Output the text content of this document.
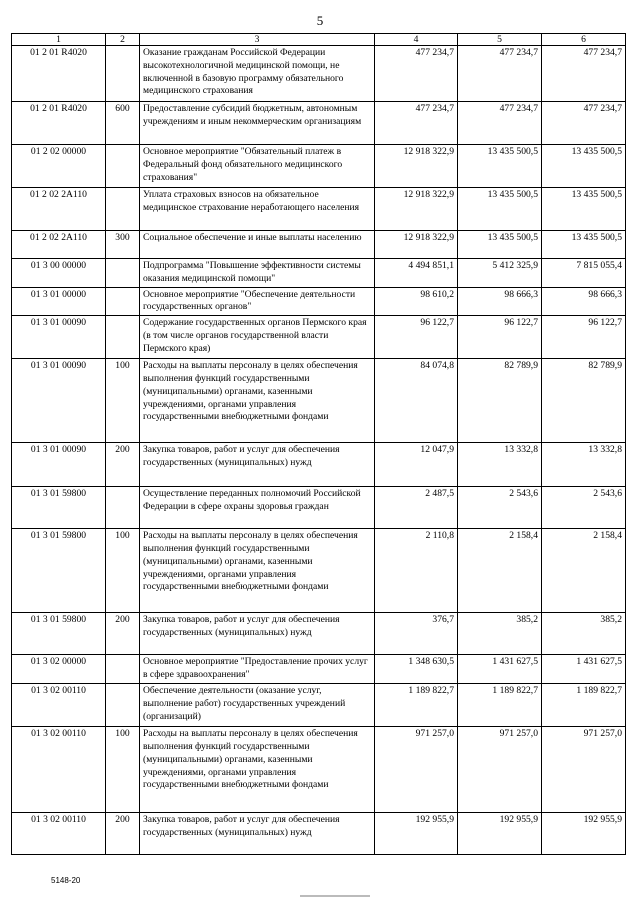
5
1	2	3	4	5	6
01 2 01 R4020		Оказание гражданам Российской Федерации высокотехнологичной медицинской помощи, не включенной в базовую программу обязательного медицинского страхования	477 234,7	477 234,7	477 234,7
01 2 01 R4020	600	Предоставление субсидий бюджетным, автономным учреждениям и иным некоммерческим организациям	477 234,7	477 234,7	477 234,7
01 2 02 00000		Основное мероприятие "Обязательный платеж в Федеральный фонд обязательного медицинского страхования"	12 918 322,9	13 435 500,5	13 435 500,5
01 2 02 2А110		Уплата страховых взносов на обязательное медицинское страхование неработающего населения	12 918 322,9	13 435 500,5	13 435 500,5
01 2 02 2А110	300	Социальное обеспечение и иные выплаты населению	12 918 322,9	13 435 500,5	13 435 500,5
01 3 00 00000		Подпрограмма "Повышение эффективности системы оказания медицинской помощи"	4 494 851,1	5 412 325,9	7 815 055,4
01 3 01 00000		Основное мероприятие "Обеспечение деятельности государственных органов"	98 610,2	98 666,3	98 666,3
01 3 01 00090		Содержание государственных органов Пермского края (в том числе органов государственной власти Пермского края)	96 122,7	96 122,7	96 122,7
01 3 01 00090	100	Расходы на выплаты персоналу в целях обеспечения выполнения функций государственными (муниципальными) органами, казенными учреждениями, органами управления государственными внебюджетными фондами	84 074,8	82 789,9	82 789,9
01 3 01 00090	200	Закупка товаров, работ и услуг для обеспечения государственных (муниципальных) нужд	12 047,9	13 332,8	13 332,8
01 3 01 59800		Осуществление переданных полномочий Российской Федерации в сфере охраны здоровья граждан	2 487,5	2 543,6	2 543,6
01 3 01 59800	100	Расходы на выплаты персоналу в целях обеспечения выполнения функций государственными (муниципальными) органами, казенными учреждениями, органами управления государственными внебюджетными фондами	2 110,8	2 158,4	2 158,4
01 3 01 59800	200	Закупка товаров, работ и услуг для обеспечения государственных (муниципальных) нужд	376,7	385,2	385,2
01 3 02 00000		Основное мероприятие "Предоставление прочих услуг в сфере здравоохранения"	1 348 630,5	1 431 627,5	1 431 627,5
01 3 02 00110		Обеспечение деятельности (оказание услуг, выполнение работ) государственных учреждений (организаций)	1 189 822,7	1 189 822,7	1 189 822,7
01 3 02 00110	100	Расходы на выплаты персоналу в целях обеспечения выполнения функций государственными (муниципальными) органами, казенными учреждениями, органами управления государственными внебюджетными фондами	971 257,0	971 257,0	971 257,0
01 3 02 00110	200	Закупка товаров, работ и услуг для обеспечения государственных (муниципальных) нужд	192 955,9	192 955,9	192 955,9
5148-20
